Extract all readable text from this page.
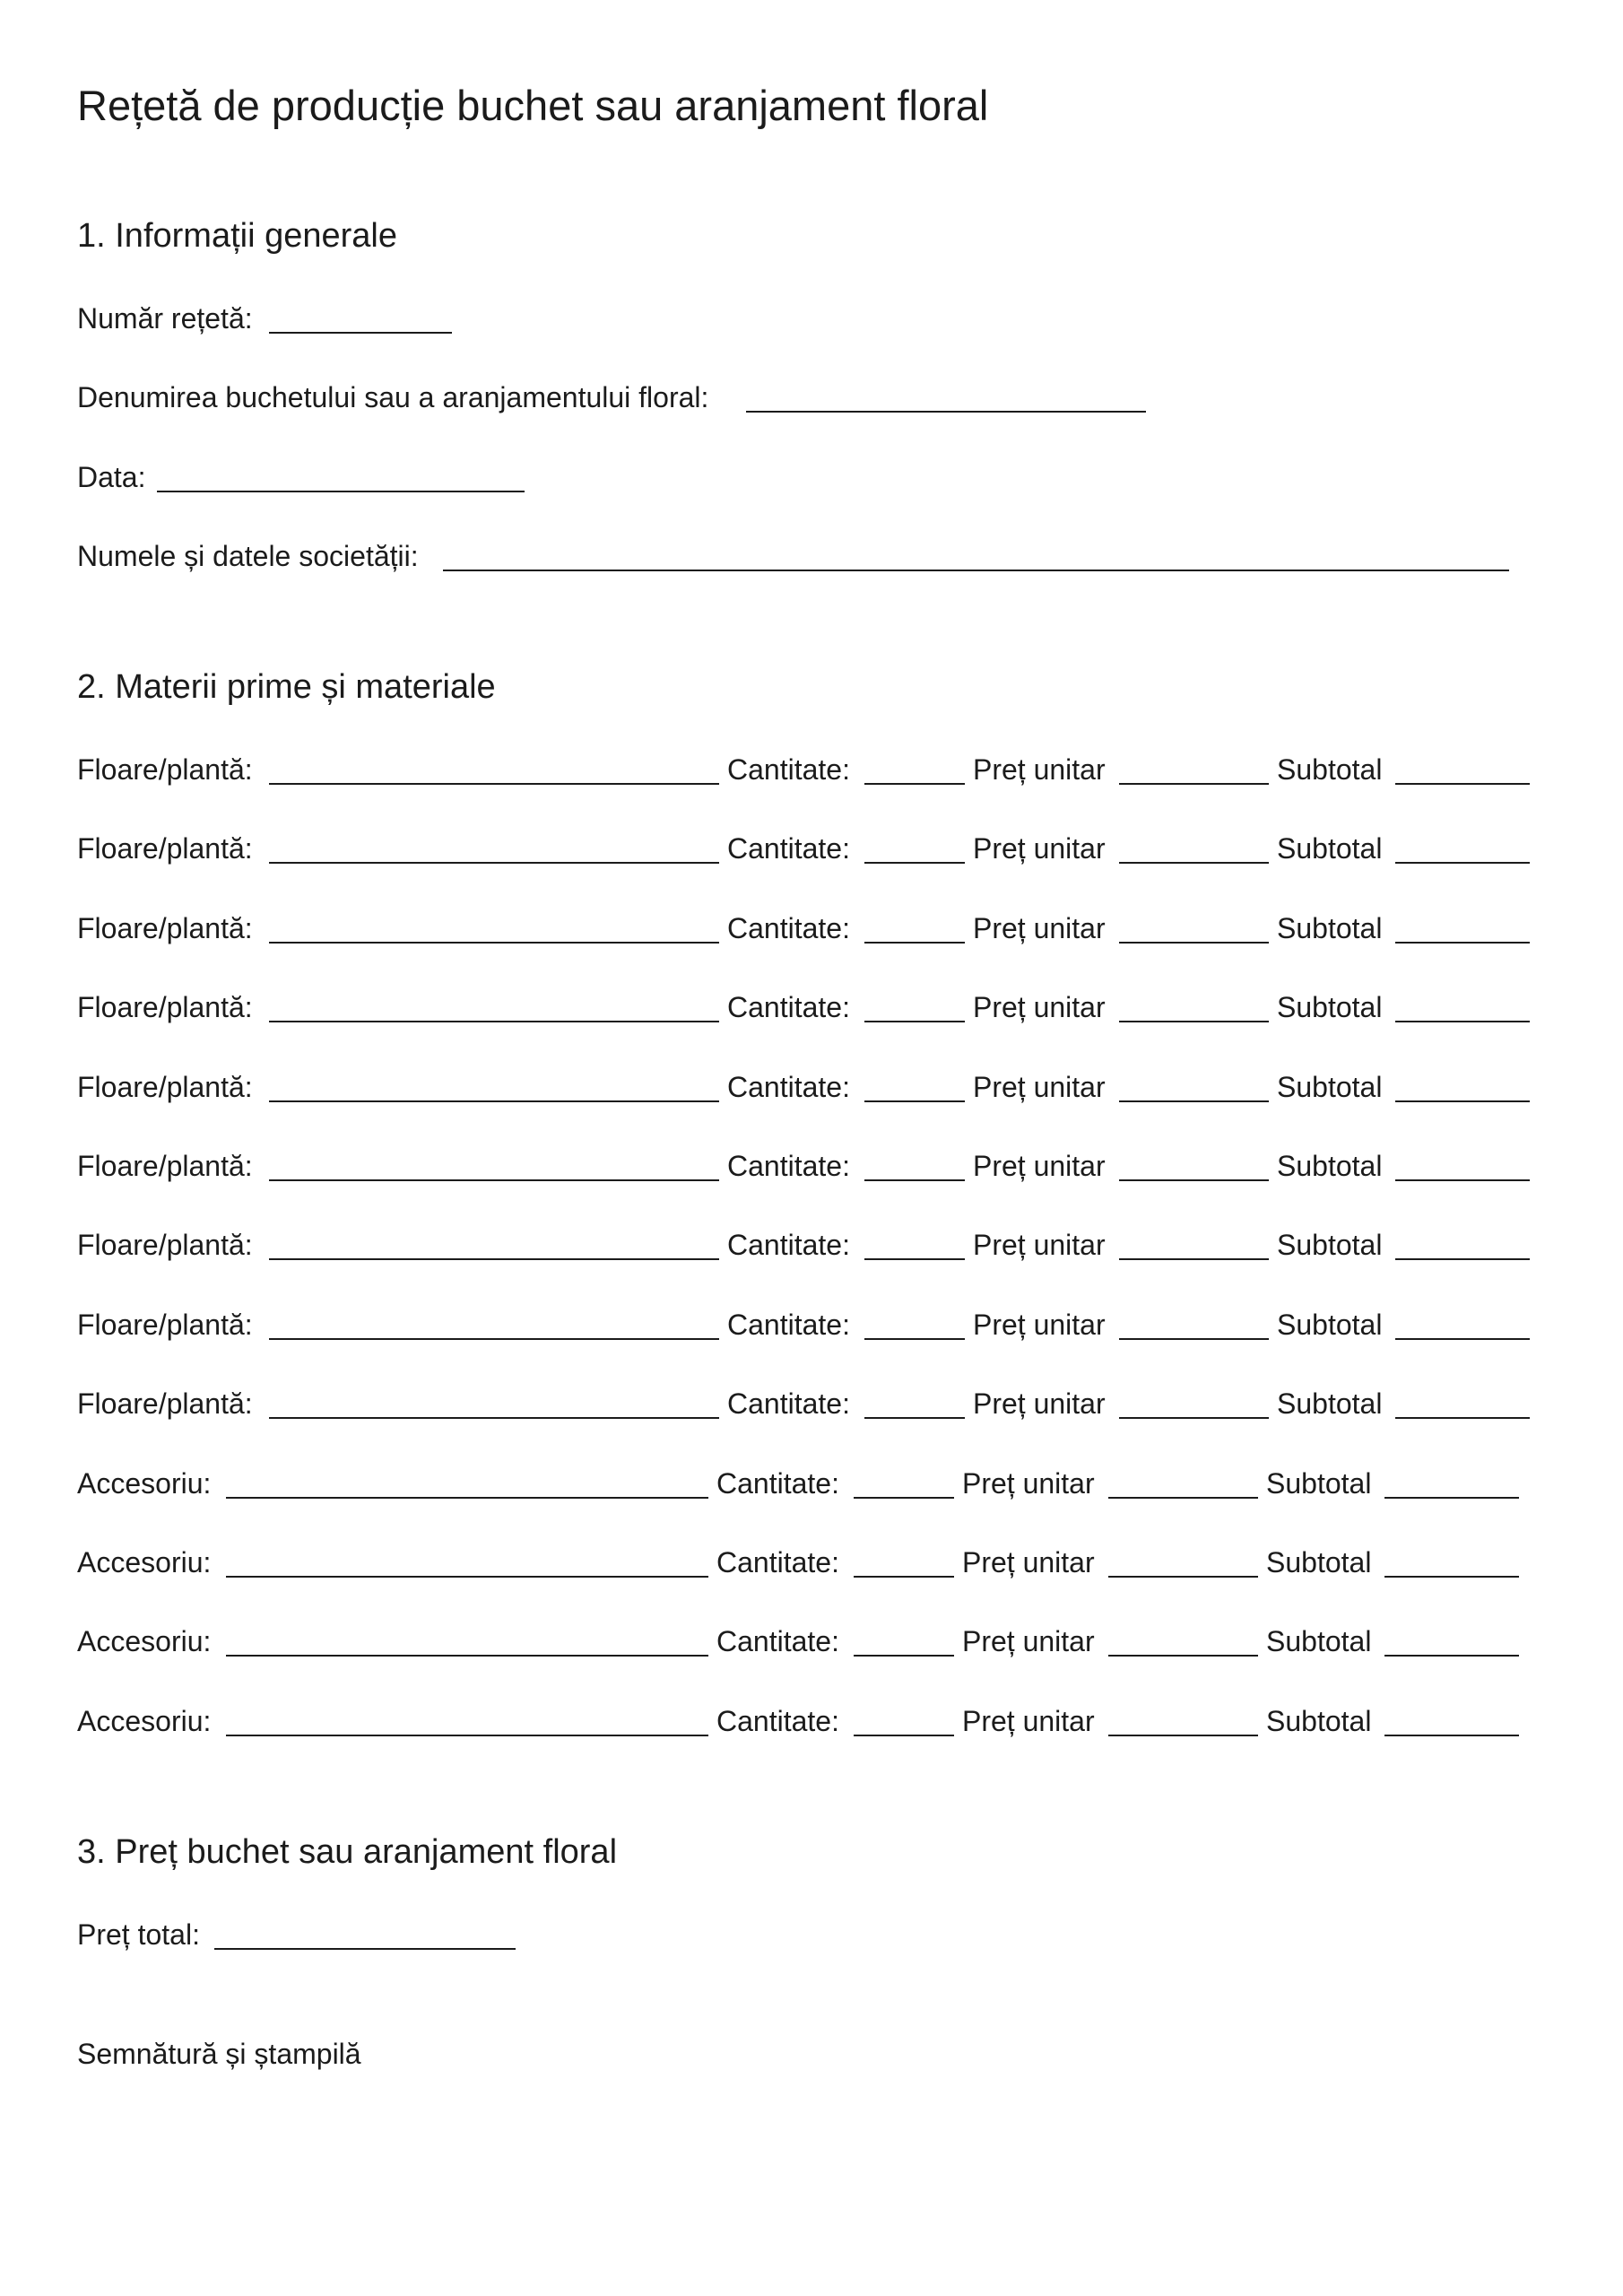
Rețetă de producție buchet sau aranjament floral
1. Informații generale
Număr rețetă:
Denumirea buchetului sau a aranjamentului floral:
Data:
Numele și datele societății:
2. Materii prime și materiale
Floare/plantă:	Cantitate:	Preț unitar	Subtotal
Floare/plantă:	Cantitate:	Preț unitar	Subtotal
Floare/plantă:	Cantitate:	Preț unitar	Subtotal
Floare/plantă:	Cantitate:	Preț unitar	Subtotal
Floare/plantă:	Cantitate:	Preț unitar	Subtotal
Floare/plantă:	Cantitate:	Preț unitar	Subtotal
Floare/plantă:	Cantitate:	Preț unitar	Subtotal
Floare/plantă:	Cantitate:	Preț unitar	Subtotal
Floare/plantă:	Cantitate:	Preț unitar	Subtotal
Accesoriu:	Cantitate:	Preț unitar	Subtotal
Accesoriu:	Cantitate:	Preț unitar	Subtotal
Accesoriu:	Cantitate:	Preț unitar	Subtotal
Accesoriu:	Cantitate:	Preț unitar	Subtotal
3. Preț buchet sau aranjament floral
Preț total:
Semnătură și ștampilă
